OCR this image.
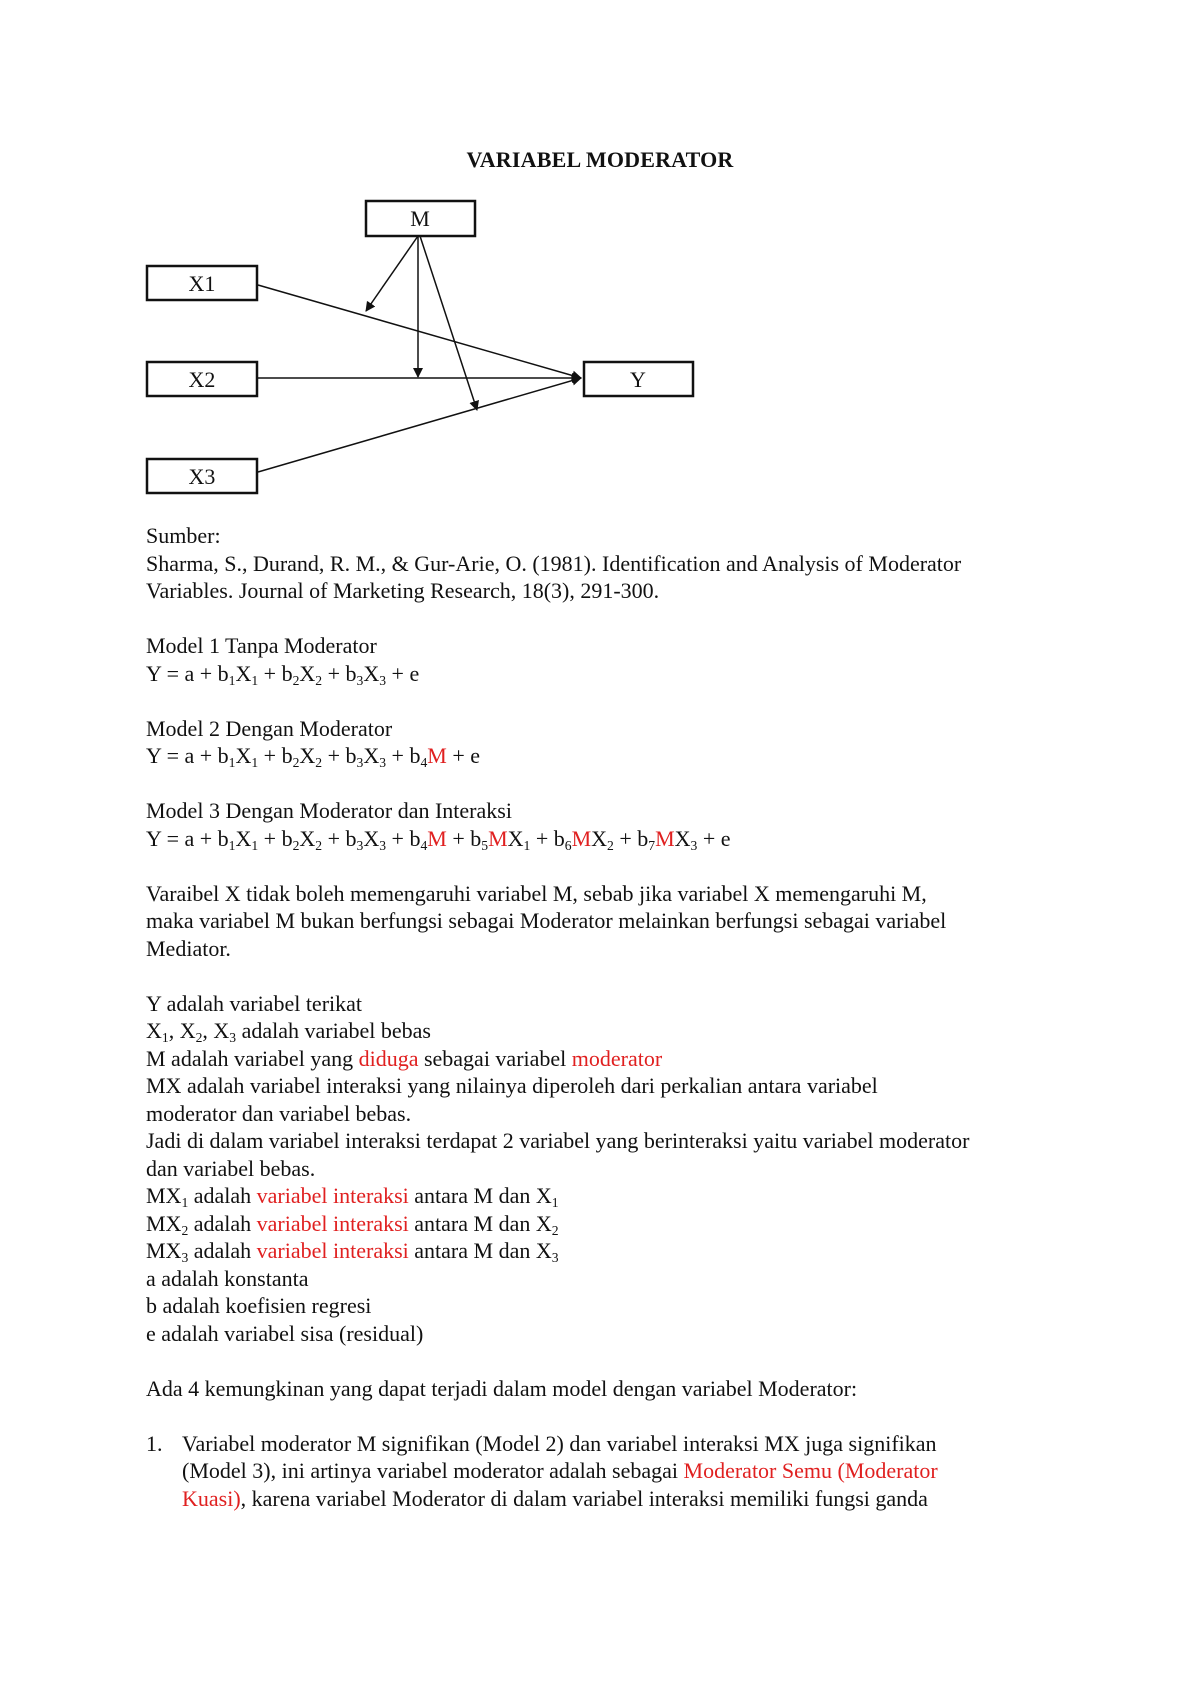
VARIABEL MODERATOR
M
X1
X2
X3
Y
Sumber:
Sharma, S., Durand, R. M., & Gur-Arie, O. (1981). Identification and Analysis of Moderator
Variables. Journal of Marketing Research, 18(3), 291-300.
Model 1 Tanpa Moderator
$Y = a + b_1X_1 + b_2X_2 + b_3X_3 + e$
Model 2 Dengan Moderator
$Y = a + b_1X_1 + b_2X_2 + b_3X_3 + b_4M + e$
Model 3 Dengan Moderator dan Interaksi
$Y = a + b_1X_1 + b_2X_2 + b_3X_3 + b_4M + b_5MX_1 + b_6MX_2 + b_7MX_3 + e$
Varaibel X tidak boleh memengaruhi variabel M, sebab jika variabel X memengaruhi M,
maka variabel M bukan berfungsi sebagai Moderator melainkan berfungsi sebagai variabel
Mediator.
Y adalah variabel terikat
$X_1$, $X_2$, $X_3$ adalah variabel bebas
M adalah variabel yang diduga sebagai variabel moderator
MX adalah variabel interaksi yang nilainya diperoleh dari perkalian antara variabel
moderator dan variabel bebas.
Jadi di dalam variabel interaksi terdapat 2 variabel yang berinteraksi yaitu variabel moderator
dan variabel bebas.
$MX_1$ adalah variabel interaksi antara M dan $X_1$
$MX_2$ adalah variabel interaksi antara M dan $X_2$
$MX_3$ adalah variabel interaksi antara M dan $X_3$
a adalah konstanta
b adalah koefisien regresi
e adalah variabel sisa (residual)
Ada 4 kemungkinan yang dapat terjadi dalam model dengan variabel Moderator:
1. Variabel moderator M signifikan (Model 2) dan variabel interaksi MX juga signifikan
(Model 3), ini artinya variabel moderator adalah sebagai Moderator Semu (Moderator
Kuasi), karena variabel Moderator di dalam variabel interaksi memiliki fungsi ganda
